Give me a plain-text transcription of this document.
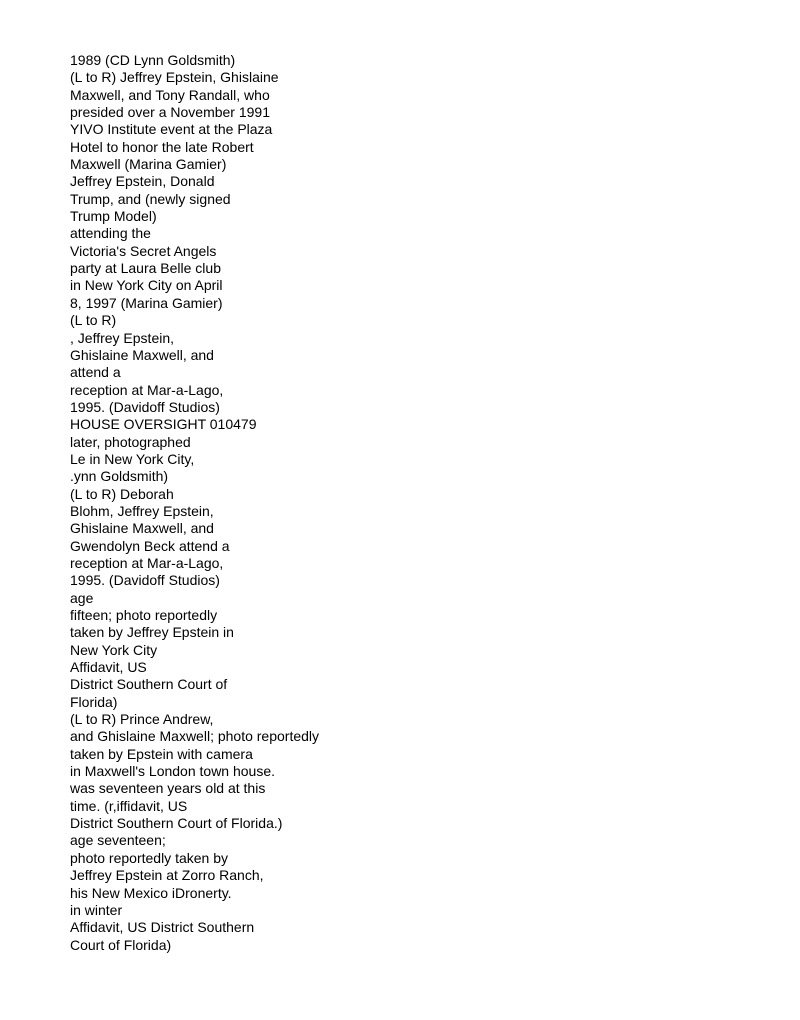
1989 (CD Lynn Goldsmith)
(L to R) Jeffrey Epstein, Ghislaine
Maxwell, and Tony Randall, who
presided over a November 1991
YIVO Institute event at the Plaza
Hotel to honor the late Robert
Maxwell (Marina Gamier)
Jeffrey Epstein, Donald
Trump, and (newly signed
Trump Model)
attending the
Victoria's Secret Angels
party at Laura Belle club
in New York City on April
8, 1997 (Marina Gamier)
(L to R)
, Jeffrey Epstein,
Ghislaine Maxwell, and
attend a
reception at Mar-a-Lago,
1995. (Davidoff Studios)
HOUSE OVERSIGHT 010479
later, photographed
Le in New York City,
.ynn Goldsmith)
(L to R) Deborah
Blohm, Jeffrey Epstein,
Ghislaine Maxwell, and
Gwendolyn Beck attend a
reception at Mar-a-Lago,
1995. (Davidoff Studios)
age
fifteen; photo reportedly
taken by Jeffrey Epstein in
New York City
Affidavit, US
District Southern Court of
Florida)
(L to R) Prince Andrew,
and Ghislaine Maxwell; photo reportedly
taken by Epstein with camera
in Maxwell's London town house.
was seventeen years old at this
time. (r,iffidavit, US
District Southern Court of Florida.)
age seventeen;
photo reportedly taken by
Jeffrey Epstein at Zorro Ranch,
his New Mexico iDronerty.
in winter
Affidavit, US District Southern
Court of Florida)
